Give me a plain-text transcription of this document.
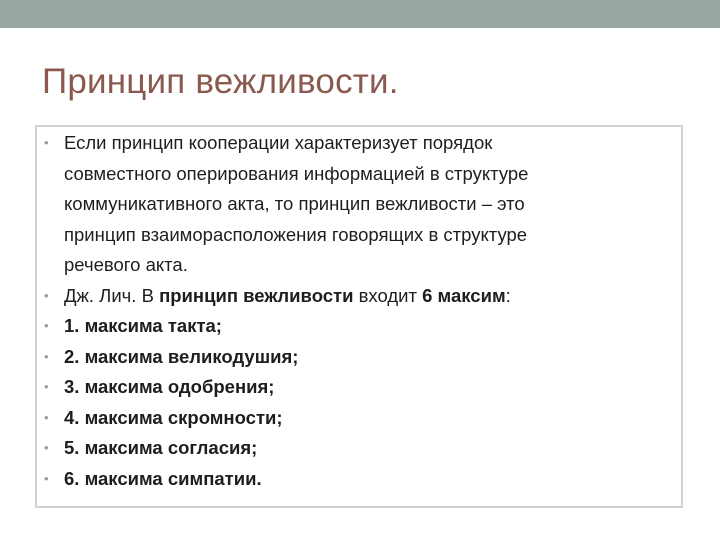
Принцип вежливости.
• Если принцип кооперации характеризует порядок
совместного оперирования информацией в структуре
коммуникативного акта, то принцип вежливости – это
принцип взаиморасположения говорящих в структуре
речевого акта.
• Дж. Лич. В принцип вежливости входит 6 максим:
• 1. максима такта;
• 2. максима великодушия;
• 3. максима одобрения;
• 4. максима скромности;
• 5. максима согласия;
• 6. максима симпатии.
